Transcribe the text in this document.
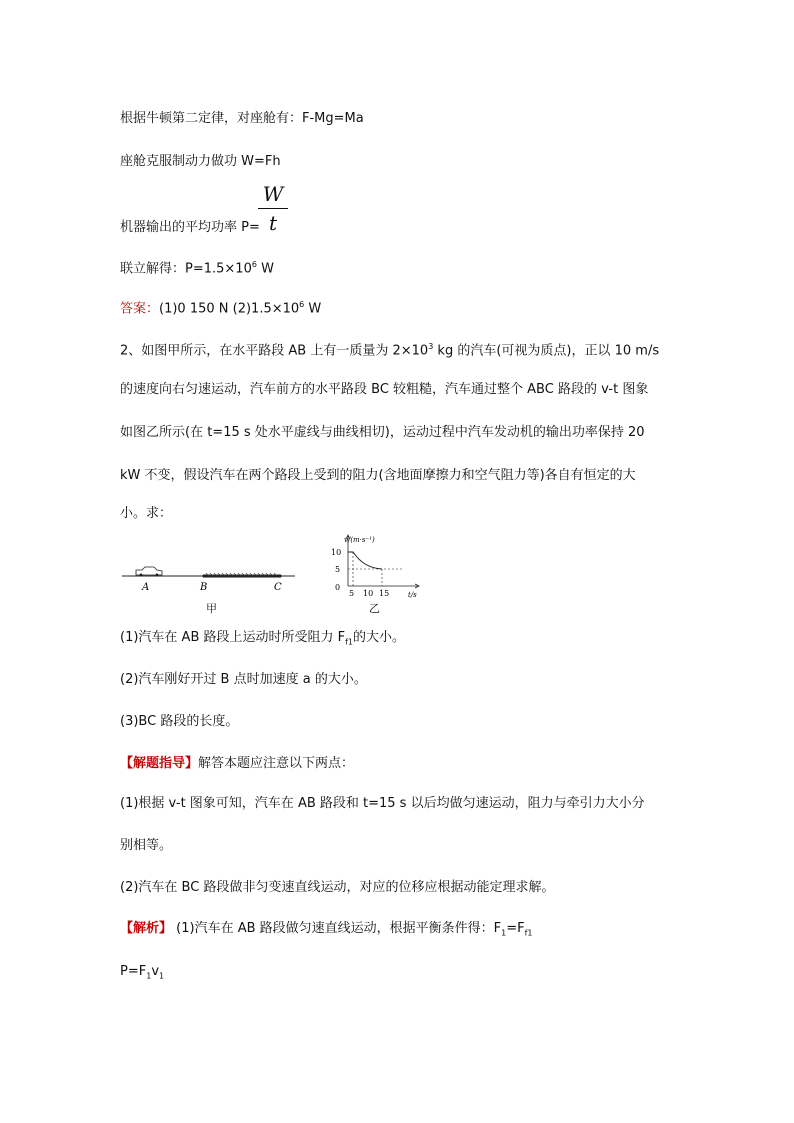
根据牛顿第二定律，对座舱有：F-Mg=Ma
座舱克服制动力做功 W=Fh
机器输出的平均功率 P=
W
t
联立解得：$P=1.5\times 10^6$ W
答案：(1)0 150 N $(2)1.5\times 10^6$ W
2、如图甲所示，在水平路段 AB 上有一质量为 $2\times 10^3$ kg 的汽车(可视为质点)，正以 10 m/s
的速度向右匀速运动，汽车前方的水平路段 BC 较粗糙，汽车通过整个 ABC 路段的 v-t 图象
如图乙所示(在 t=15 s 处水平虚线与曲线相切)，运动过程中汽车发动机的输出功率保持 20
kW 不变，假设汽车在两个路段上受到的阻力(含地面摩擦力和空气阻力等)各自有恒定的大
小。求：
A	B	C
v/(m·s⁻¹)
t/s
10
5
0
5 10 15
甲	乙
(1)汽车在 AB 路段上运动时所受阻力 $F_{f1}$的大小。
(2)汽车刚好开过 B 点时加速度 a 的大小。
(3)BC 路段的长度。
【解题指导】解答本题应注意以下两点：
(1)根据 v-t 图象可知，汽车在 AB 路段和 t=15 s 以后均做匀速运动，阻力与牵引力大小分
别相等。
(2)汽车在 BC 路段做非匀变速直线运动，对应的位移应根据动能定理求解。
【解析】 (1)汽车在 AB 路段做匀速直线运动，根据平衡条件得：$F_1=F_{f1}$
$P=F_1v_1$
